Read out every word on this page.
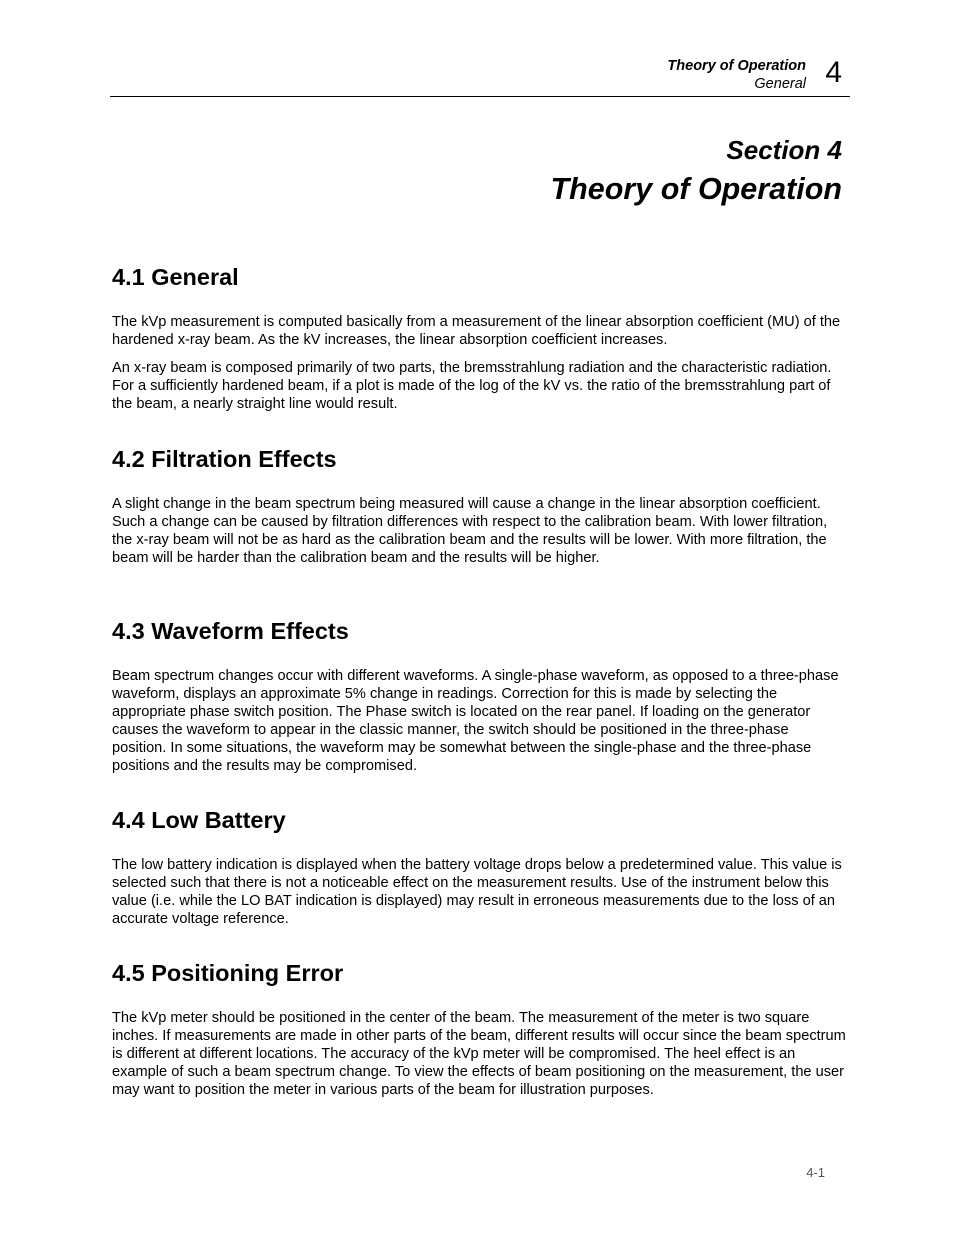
Theory of Operation
General 4
Section 4
Theory of Operation
4.1 General

The kVp measurement is computed basically from a measurement of the linear absorption coefficient (MU) of the hardened x-ray beam. As the kV increases, the linear absorption coefficient increases.

An x-ray beam is composed primarily of two parts, the bremsstrahlung radiation and the characteristic radiation. For a sufficiently hardened beam, if a plot is made of the log of the kV vs. the ratio of the bremsstrahlung part of the beam, a nearly straight line would result.

4.2 Filtration Effects

A slight change in the beam spectrum being measured will cause a change in the linear absorption coefficient. Such a change can be caused by filtration differences with respect to the calibration beam. With lower filtration, the x-ray beam will not be as hard as the calibration beam and the results will be lower. With more filtration, the beam will be harder than the calibration beam and the results will be higher.

4.3 Waveform Effects

Beam spectrum changes occur with different waveforms. A single-phase waveform, as opposed to a three-phase waveform, displays an approximate 5% change in readings. Correction for this is made by selecting the appropriate phase switch position. The Phase switch is located on the rear panel. If loading on the generator causes the waveform to appear in the classic manner, the switch should be positioned in the three-phase position. In some situations, the waveform may be somewhat between the single-phase and the three-phase positions and the results may be compromised.

4.4 Low Battery

The low battery indication is displayed when the battery voltage drops below a predetermined value. This value is selected such that there is not a noticeable effect on the measurement results. Use of the instrument below this value (i.e. while the LO BAT indication is displayed) may result in erroneous measurements due to the loss of an accurate voltage reference.

4.5 Positioning Error

The kVp meter should be positioned in the center of the beam. The measurement of the meter is two square inches. If measurements are made in other parts of the beam, different results will occur since the beam spectrum is different at different locations. The accuracy of the kVp meter will be compromised. The heel effect is an example of such a beam spectrum change. To view the effects of beam positioning on the measurement, the user may want to position the meter in various parts of the beam for illustration purposes.

4-1
